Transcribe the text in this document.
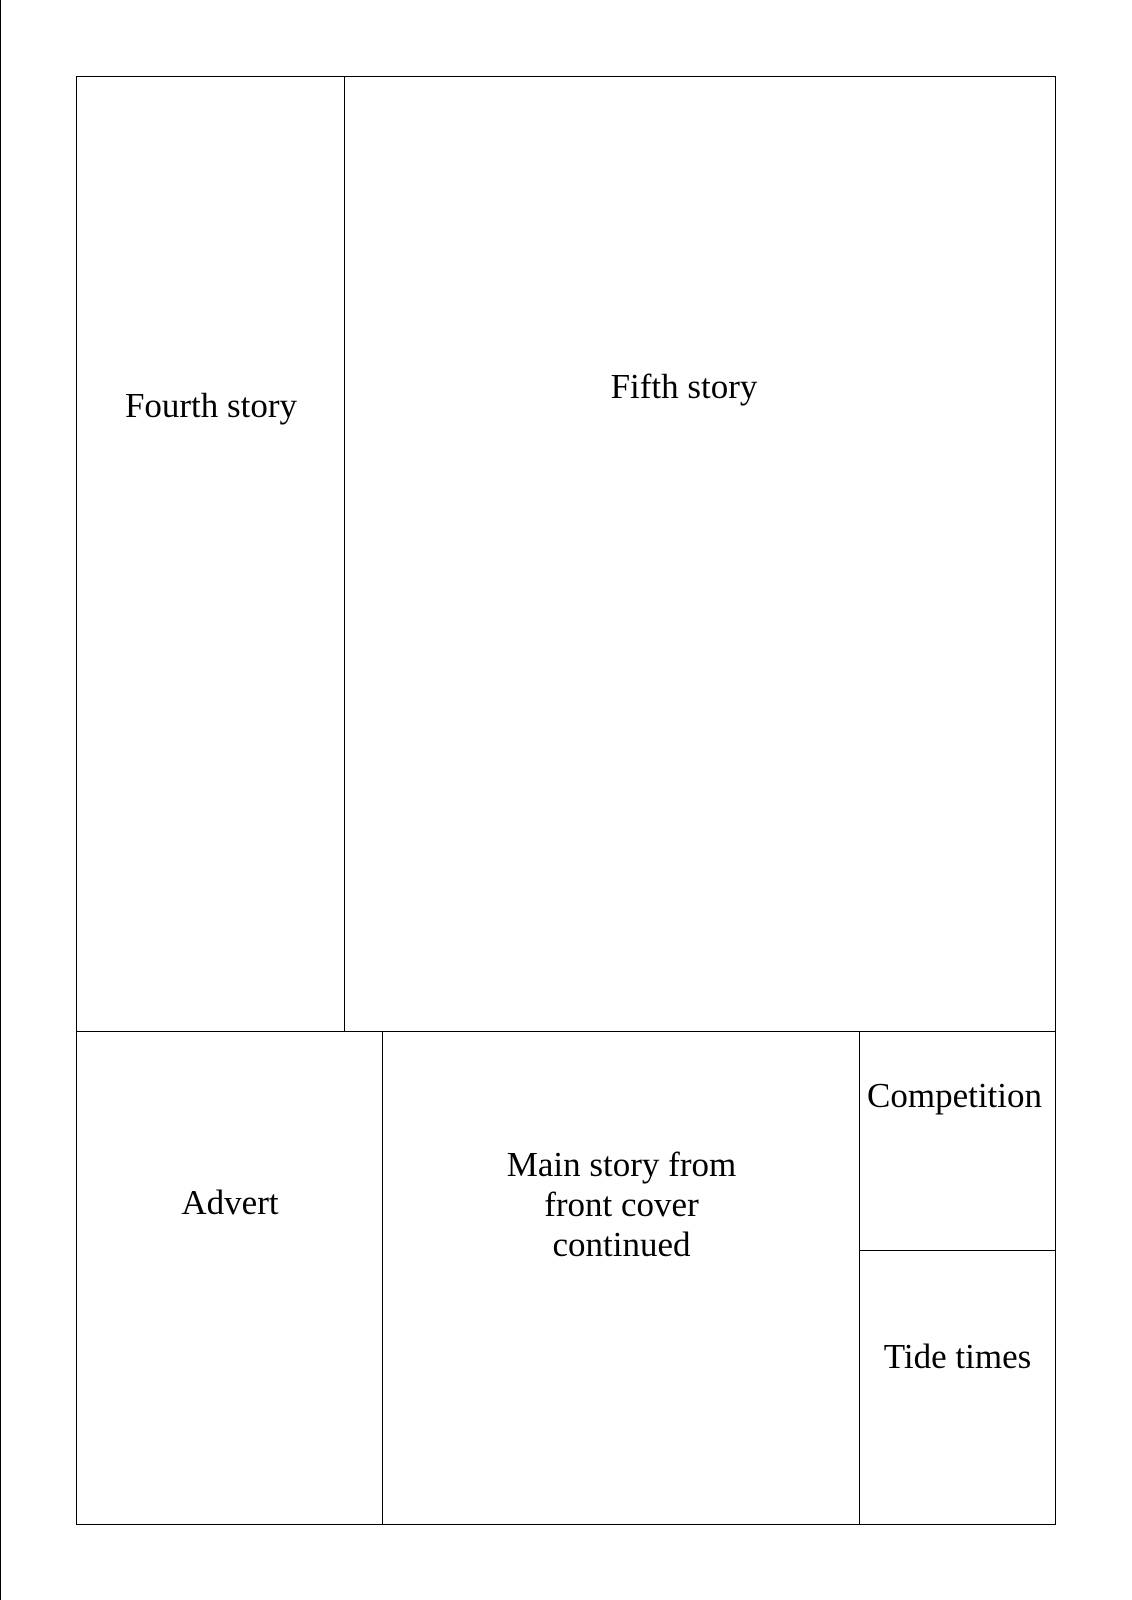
Fourth story	Fifth story
Advert
Main story from
front cover
continued
Competition
Tide times
